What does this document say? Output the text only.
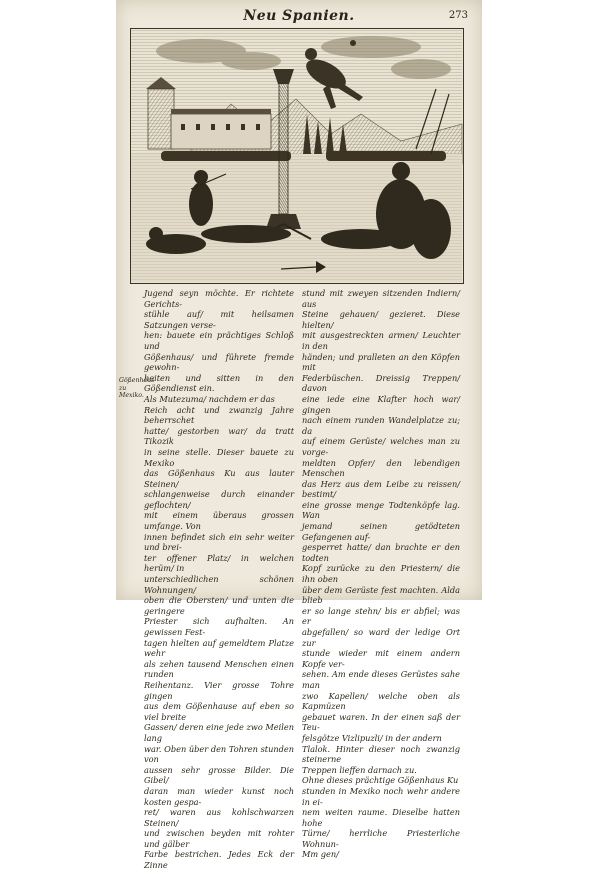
Neu Spanien.	273

Jugend seyn möchte. Er richtete Gerichts-
stühle auf/ mit heilsamen Satzungen verse-
hen: bauete ein prächtiges Schloß und
Gößenhaus/ und führete fremde gewohn-
heiten und sitten in den Gößendienst ein.
Als Mutezuma/ nachdem er das
Reich acht und zwanzig Jahre beherrschet
hatte/ gestorben war/ da tratt Tikozik
in seine stelle. Dieser bauete zu Mexiko
das Gößenhaus Ku aus lauter Steinen/
schlangenweise durch einander geflochten/
mit einem überaus grossen umfange. Von
innen befindet sich ein sehr weiter und brei-
ter offener Platz/ in welchen herüm/ in
unterschiedlichen schönen Wohnungen/
oben die Obersten/ und unten die geringere
Priester sich aufhalten. An gewissen Fest-
tagen hielten auf gemeldtem Platze wehr
als zehen tausend Menschen einen runden
Reihentanz. Vier grosse Tohre gingen
aus dem Gößenhause auf eben so viel breite
Gassen/ deren eine jede zwo Meilen lang
war. Oben über den Tohren stunden von
aussen sehr grosse Bilder. Die Gibel/
daran man wieder kunst noch kosten gespa-
ret/ waren aus kohlschwarzen Steinen/
und zwischen beyden mit rohter und gälber
Farbe bestrichen. Jedes Eck der Zinne

stund mit zweyen sitzenden Indiern/ aus
Steine gehauen/ gezieret. Diese hielten/
mit ausgestreckten armen/ Leuchter in den
händen; und pralleten an den Köpfen mit
Federbüschen. Dreissig Treppen/ davon
eine iede eine Klafter hoch war/ gingen
nach einem runden Wandelplatze zu; da
auf einem Gerüste/ welches man zu vorge-
meldten Opfer/ den lebendigen Menschen
das Herz aus dem Leibe zu reissen/ bestimt/
eine grosse menge Todtenköpfe lag. Wan
jemand seinen getödteten Gefangenen auf-
gesperret hatte/ dan brachte er den todten
Kopf zurücke zu den Priestern/ die ihn oben
über dem Gerüste fest machten. Alda blieb
er so lange stehn/ bis er abfiel; was er
abgefallen/ so ward der ledige Ort zur
stunde wieder mit einem andern Kopfe ver-
sehen. Am ende dieses Gerüstes sahe man
zwo Kapellen/ welche oben als Kapmüzen
gebauet waren. In der einen saß der Teu-
felsgötze Vizlipuzli/ in der andern
Tlalok. Hinter dieser noch zwanzig steinerne
Treppen lieffen darnach zu.
Ohne dieses prächtige Gößenhaus Ku
stunden in Mexiko noch wehr andere in ei-
nem weiten raume. Dieselbe hatten hohe
Türne/ herrliche Priesterliche Wohnun-
Mm gen/

Gößenhaus
zu Mexiko.
